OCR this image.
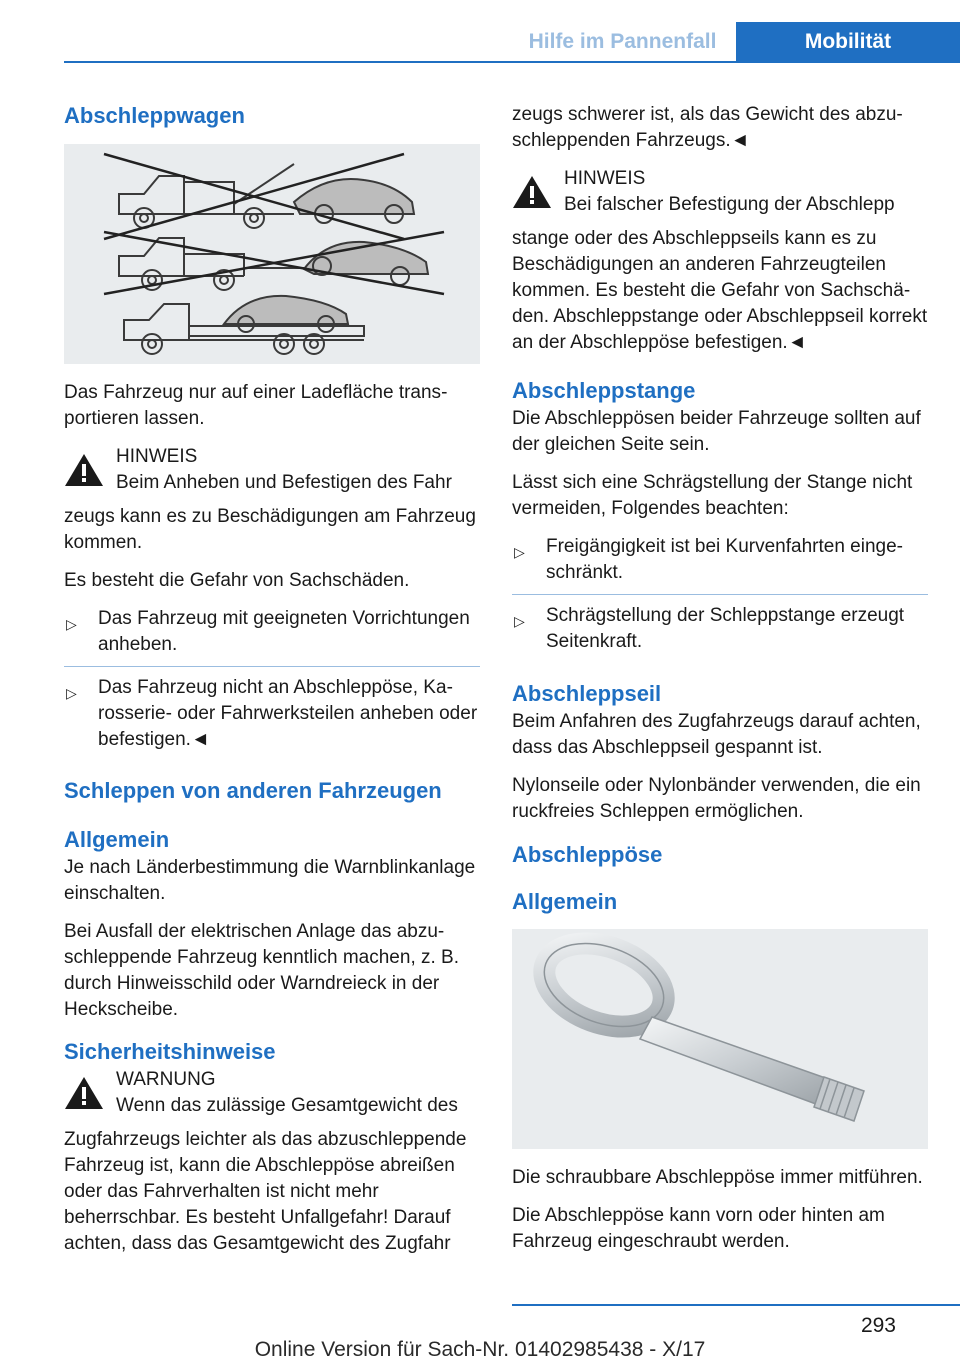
Hilfe im Pannenfall	Mobilität
Abschleppwagen

Das Fahrzeug nur auf einer Ladefläche transportieren lassen.

HINWEIS
Beim Anheben und Befestigen des Fahr

zeugs kann es zu Beschädigungen am Fahrzeug kommen.

Es besteht die Gefahr von Sachschäden.

▷ Das Fahrzeug mit geeigneten Vorrichtungen anheben.
▷ Das Fahrzeug nicht an Abschleppöse, Karosserie- oder Fahrwerksteilen anheben oder befestigen.◄
Schleppen von anderen Fahrzeugen
Allgemein

Je nach Länderbestimmung die Warnblinkanlage einschalten.

Bei Ausfall der elektrischen Anlage das abzuschleppende Fahrzeug kenntlich machen, z. B. durch Hinweisschild oder Warndreieck in der Heckscheibe.

Sicherheitshinweise
WARNUNG
Wenn das zulässige Gesamtgewicht des

Zugfahrzeugs leichter als das abzuschleppende Fahrzeug ist, kann die Abschleppöse abreißen oder das Fahrverhalten ist nicht mehr beherrschbar. Es besteht Unfallgefahr! Darauf achten, dass das Gesamtgewicht des Zugfahr

zeugs schwerer ist, als das Gewicht des abzuschleppenden Fahrzeugs.◄

HINWEIS
Bei falscher Befestigung der Abschlepp

stange oder des Abschleppseils kann es zu Beschädigungen an anderen Fahrzeugteilen kommen. Es besteht die Gefahr von Sachschäden. Abschleppstange oder Abschleppseil korrekt an der Abschleppöse befestigen.◄

Abschleppstange

Die Abschleppösen beider Fahrzeuge sollten auf der gleichen Seite sein.

Lässt sich eine Schrägstellung der Stange nicht vermeiden, Folgendes beachten:

▷ Freigängigkeit ist bei Kurvenfahrten eingeschränkt.
▷ Schrägstellung der Schleppstange erzeugt Seitenkraft.
Abschleppseil

Beim Anfahren des Zugfahrzeugs darauf achten, dass das Abschleppseil gespannt ist.

Nylonseile oder Nylonbänder verwenden, die ein ruckfreies Schleppen ermöglichen.

Abschleppöse
Allgemein

Die schraubbare Abschleppöse immer mitführen.

Die Abschleppöse kann vorn oder hinten am Fahrzeug eingeschraubt werden.

293
Online Version für Sach-Nr. 01402985438 - X/17
